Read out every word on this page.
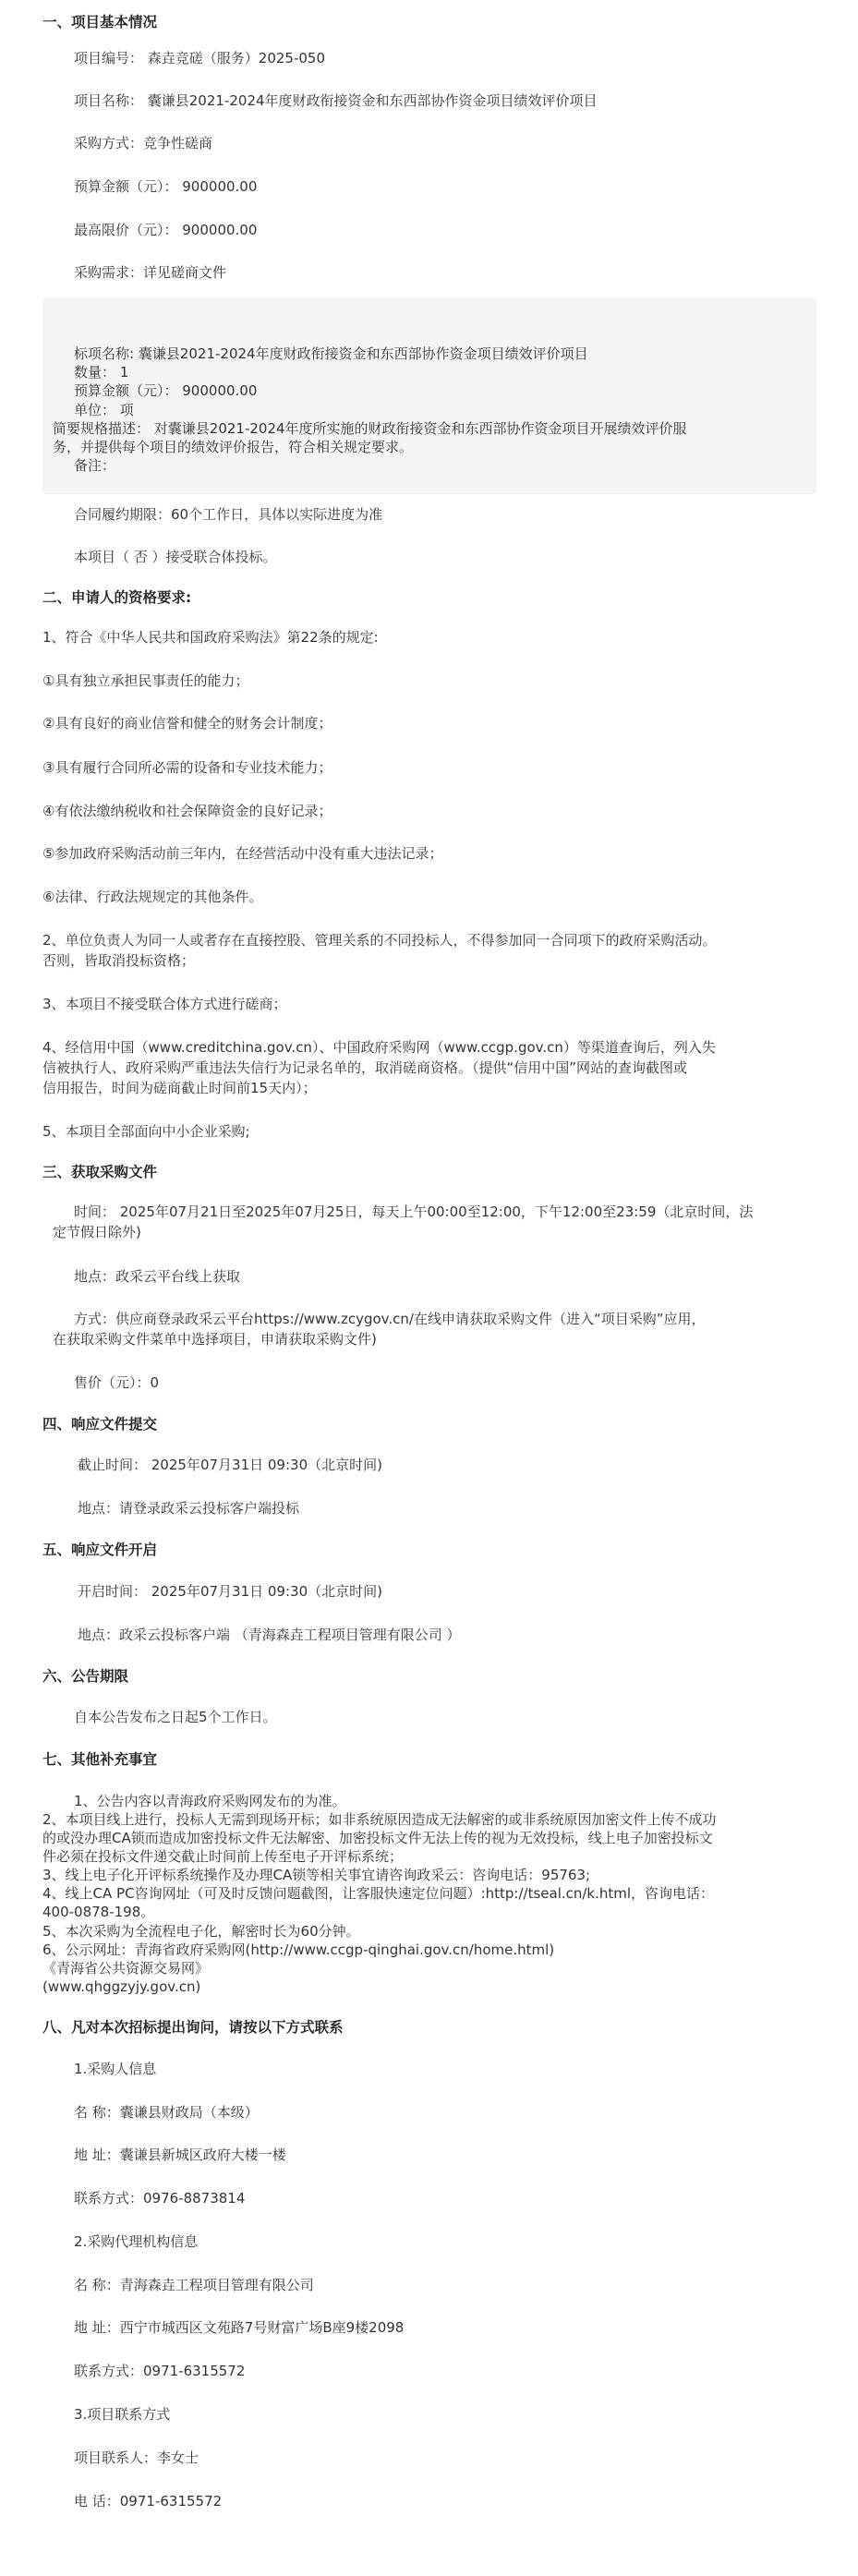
一、项目基本情况
项目编号： 森垚竞磋（服务）2025-050
项目名称： 囊谦县2021-2024年度财政衔接资金和东西部协作资金项目绩效评价项目
采购方式：竞争性磋商
预算金额（元）： 900000.00
最高限价（元）： 900000.00
采购需求：详见磋商文件
标项名称: 囊谦县2021-2024年度财政衔接资金和东西部协作资金项目绩效评价项目
数量： 1
预算金额（元）： 900000.00
单位： 项
简要规格描述： 对囊谦县2021-2024年度所实施的财政衔接资金和东西部协作资金项目开展绩效评价服
务，并提供每个项目的绩效评价报告，符合相关规定要求。
备注：
合同履约期限：60个工作日，具体以实际进度为准
本项目（ 否 ）接受联合体投标。
二、申请人的资格要求:
1、符合《中华人民共和国政府采购法》第22条的规定:
①具有独立承担民事责任的能力；
②具有良好的商业信誉和健全的财务会计制度；
③具有履行合同所必需的设备和专业技术能力；
④有依法缴纳税收和社会保障资金的良好记录；
⑤参加政府采购活动前三年内，在经营活动中没有重大违法记录；
⑥法律、行政法规规定的其他条件。
2、单位负责人为同一人或者存在直接控股、管理关系的不同投标人，不得参加同一合同项下的政府采购活动。
否则，皆取消投标资格；
3、本项目不接受联合体方式进行磋商；
4、经信用中国（www.creditchina.gov.cn）、中国政府采购网（www.ccgp.gov.cn）等渠道查询后，列入失
信被执行人、政府采购严重违法失信行为记录名单的，取消磋商资格。（提供“信用中国”网站的查询截图或
信用报告，时间为磋商截止时间前15天内）；
5、本项目全部面向中小企业采购;
三、获取采购文件
时间： 2025年07月21日至2025年07月25日，每天上午00:00至12:00，下午12:00至23:59（北京时间，法
定节假日除外)
地点：政采云平台线上获取
方式：供应商登录政采云平台https://www.zcygov.cn/在线申请获取采购文件（进入“项目采购”应用，
在获取采购文件菜单中选择项目，申请获取采购文件)
售价（元）：0
四、响应文件提交
截止时间： 2025年07月31日 09:30（北京时间)
地点：请登录政采云投标客户端投标
五、响应文件开启
开启时间： 2025年07月31日 09:30（北京时间)
地点：政采云投标客户端 （青海森垚工程项目管理有限公司 ）
六、公告期限
自本公告发布之日起5个工作日。
七、其他补充事宜
1、公告内容以青海政府采购网发布的为准。
2、本项目线上进行，投标人无需到现场开标；如非系统原因造成无法解密的或非系统原因加密文件上传不成功
的或没办理CA锁而造成加密投标文件无法解密、加密投标文件无法上传的视为无效投标，线上电子加密投标文
件必须在投标文件递交截止时间前上传至电子开评标系统；
3、线上电子化开评标系统操作及办理CA锁等相关事宜请咨询政采云：咨询电话：95763;
4、线上CA PC咨询网址（可及时反馈问题截图，让客服快速定位问题）:http://tseal.cn/k.html，咨询电话：
400-0878-198。
5、本次采购为全流程电子化，解密时长为60分钟。
6、公示网址：青海省政府采购网(http://www.ccgp-qinghai.gov.cn/home.html)
《青海省公共资源交易网》
(www.qhggzyjy.gov.cn)
八、凡对本次招标提出询问，请按以下方式联系
1.采购人信息
名 称：囊谦县财政局（本级）
地 址：囊谦县新城区政府大楼一楼
联系方式：0976-8873814
2.采购代理机构信息
名 称：青海森垚工程项目管理有限公司
地 址：西宁市城西区文苑路7号财富广场B座9楼2098
联系方式：0971-6315572
3.项目联系方式
项目联系人：李女士
电 话：0971-6315572
